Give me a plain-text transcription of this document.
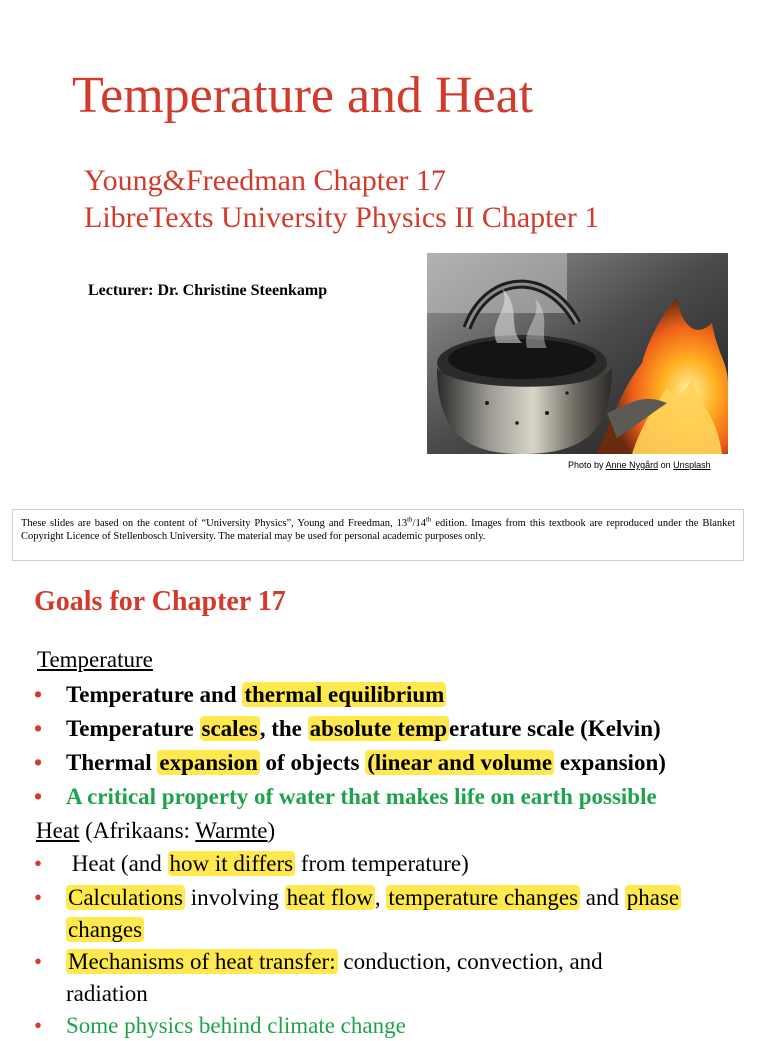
Temperature and Heat
Young&Freedman Chapter 17
LibreTexts University Physics II Chapter 1
Lecturer: Dr. Christine Steenkamp
Photo by Anne Nygård on Unsplash
These slides are based on the content of “University Physics”, Young and Freedman, 13th/14th edition. Images from this textbook are reproduced under the Blanket Copyright Licence of Stellenbosch University. The material may be used for personal academic purposes only.
Goals for Chapter 17
Temperature
• Temperature and thermal equilibrium
• Temperature scales, the absolute temperature scale (Kelvin)
• Thermal expansion of objects (linear and volume expansion)
• A critical property of water that makes life on earth possible
Heat (Afrikaans: Warmte)
• Heat (and how it differs from temperature)
• Calculations involving heat flow, temperature changes and phase
changes
• Mechanisms of heat transfer: conduction, convection, and
radiation
• Some physics behind climate change
